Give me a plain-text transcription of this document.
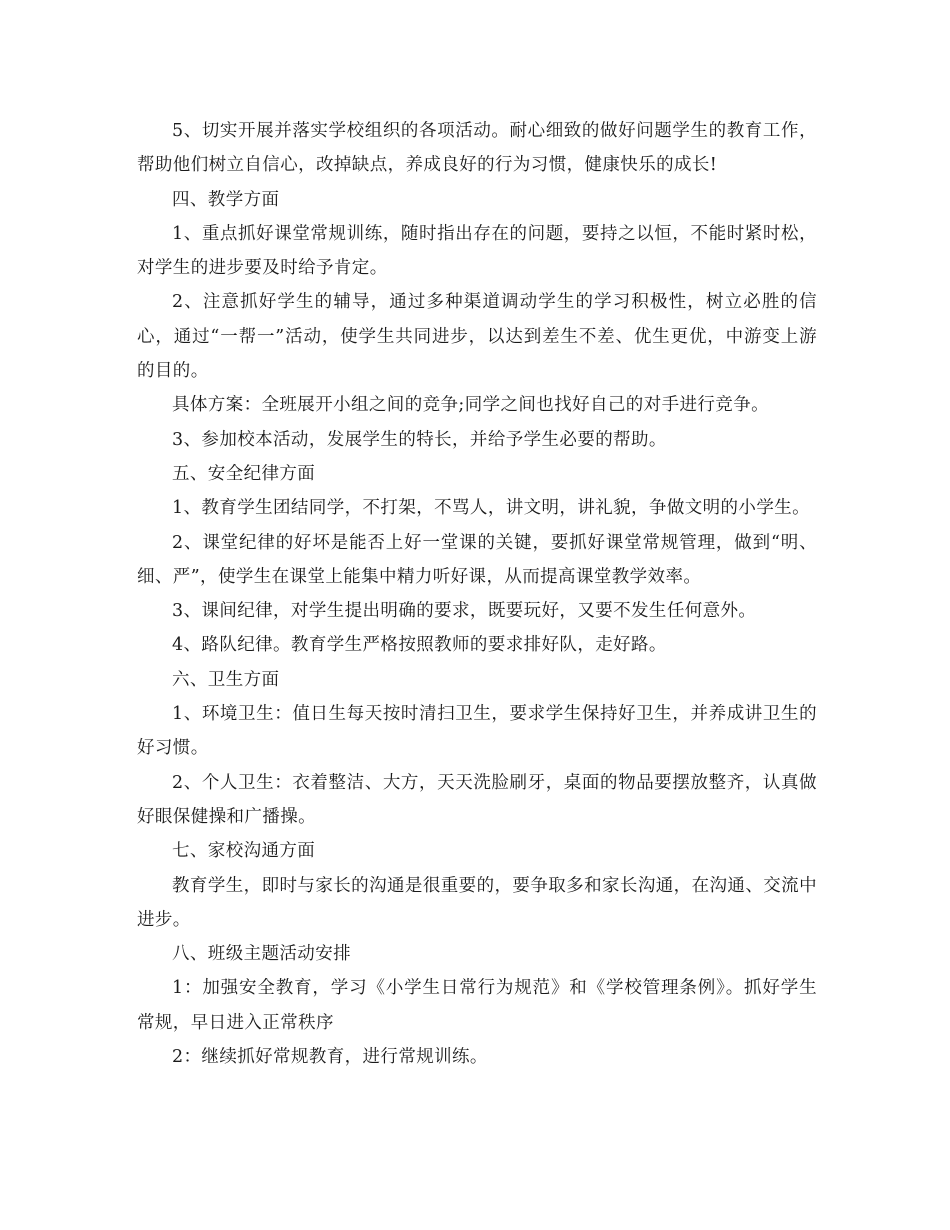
5、切实开展并落实学校组织的各项活动。耐心细致的做好问题学生的教育工作，帮助他们树立自信心，改掉缺点，养成良好的行为习惯，健康快乐的成长!

四、教学方面

1、重点抓好课堂常规训练，随时指出存在的问题，要持之以恒，不能时紧时松，对学生的进步要及时给予肯定。

2、注意抓好学生的辅导，通过多种渠道调动学生的学习积极性，树立必胜的信心，通过“一帮一”活动，使学生共同进步，以达到差生不差、优生更优，中游变上游的目的。

具体方案：全班展开小组之间的竞争;同学之间也找好自己的对手进行竞争。

3、参加校本活动，发展学生的特长，并给予学生必要的帮助。

五、安全纪律方面

1、教育学生团结同学，不打架，不骂人，讲文明，讲礼貌，争做文明的小学生。

2、课堂纪律的好坏是能否上好一堂课的关键，要抓好课堂常规管理，做到“明、细、严”，使学生在课堂上能集中精力听好课，从而提高课堂教学效率。

3、课间纪律，对学生提出明确的要求，既要玩好，又要不发生任何意外。

4、路队纪律。教育学生严格按照教师的要求排好队，走好路。

六、卫生方面

1、环境卫生：值日生每天按时清扫卫生，要求学生保持好卫生，并养成讲卫生的好习惯。

2、个人卫生：衣着整洁、大方，天天洗脸刷牙，桌面的物品要摆放整齐，认真做好眼保健操和广播操。

七、家校沟通方面

教育学生，即时与家长的沟通是很重要的，要争取多和家长沟通，在沟通、交流中进步。

八、班级主题活动安排

1：加强安全教育，学习《小学生日常行为规范》和《学校管理条例》。抓好学生常规，早日进入正常秩序

2：继续抓好常规教育，进行常规训练。
